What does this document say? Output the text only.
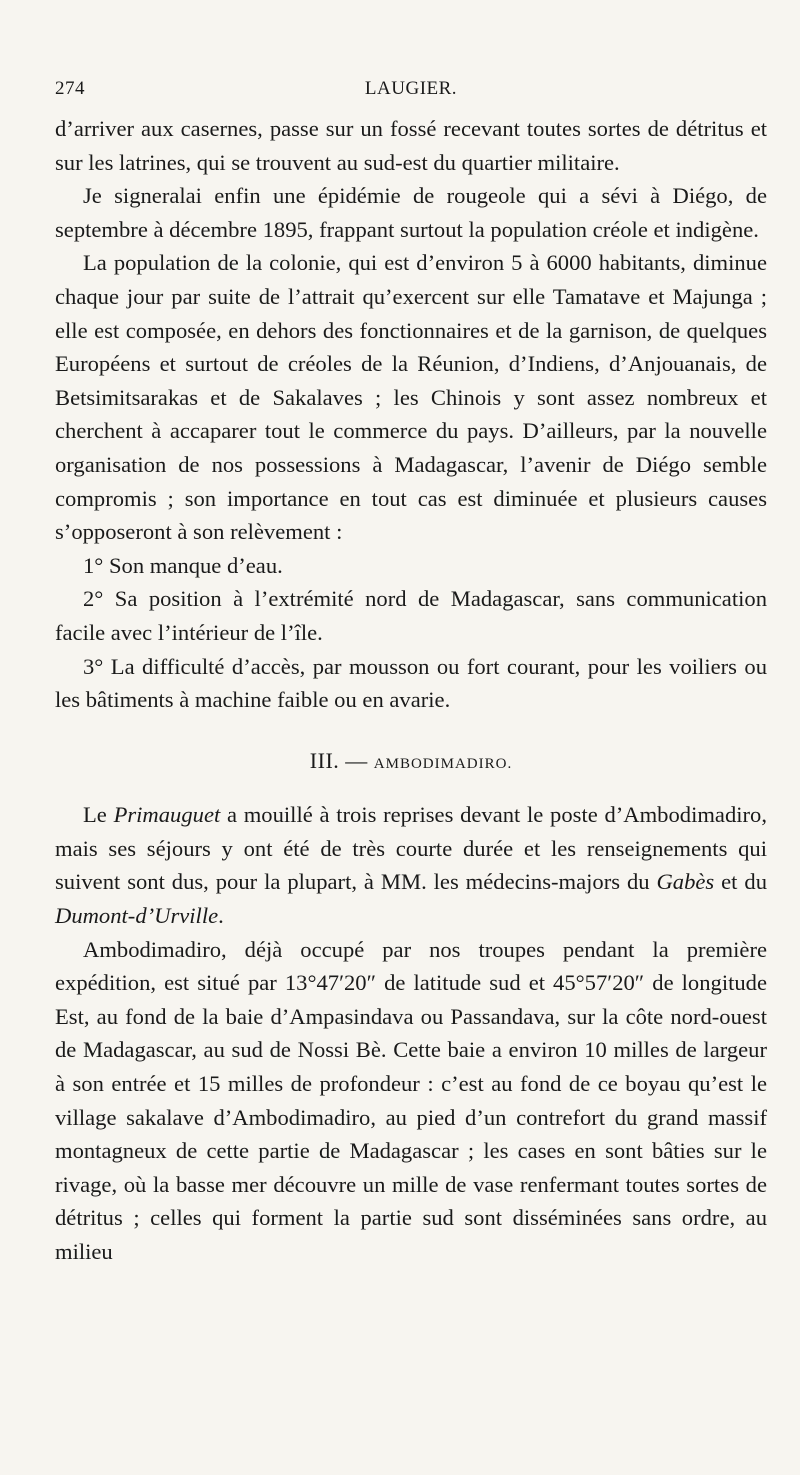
274	LAUGIER.

d’arriver aux casernes, passe sur un fossé recevant toutes sortes de détritus et sur les latrines, qui se trouvent au sud-est du quartier militaire.

Je signeralai enfin une épidémie de rougeole qui a sévi à Diégo, de septembre à décembre 1895, frappant surtout la population créole et indigène.

La population de la colonie, qui est d’environ 5 à 6000 habitants, diminue chaque jour par suite de l’attrait qu’exercent sur elle Tamatave et Majunga ; elle est composée, en dehors des fonctionnaires et de la garnison, de quelques Européens et surtout de créoles de la Réunion, d’Indiens, d’Anjouanais, de Betsimitsarakas et de Sakalaves ; les Chinois y sont assez nombreux et cherchent à accaparer tout le commerce du pays. D’ailleurs, par la nouvelle organisation de nos possessions à Madagascar, l’avenir de Diégo semble compromis ; son importance en tout cas est diminuée et plusieurs causes s’opposeront à son relèvement :

1° Son manque d’eau.

2° Sa position à l’extrémité nord de Madagascar, sans communication facile avec l’intérieur de l’île.

3° La difficulté d’accès, par mousson ou fort courant, pour les voiliers ou les bâtiments à machine faible ou en avarie.

III. — AMBODIMADIRO.

Le Primauguet a mouillé à trois reprises devant le poste d’Ambodimadiro, mais ses séjours y ont été de très courte durée et les renseignements qui suivent sont dus, pour la plupart, à MM. les médecins-majors du Gabès et du Dumont-d’Urville.

Ambodimadiro, déjà occupé par nos troupes pendant la première expédition, est situé par 13°47′20″ de latitude sud et 45°57′20″ de longitude Est, au fond de la baie d’Ampasindava ou Passandava, sur la côte nord-ouest de Madagascar, au sud de Nossi Bè. Cette baie a environ 10 milles de largeur à son entrée et 15 milles de profondeur : c’est au fond de ce boyau qu’est le village sakalave d’Ambodimadiro, au pied d’un contrefort du grand massif montagneux de cette partie de Madagascar ; les cases en sont bâties sur le rivage, où la basse mer découvre un mille de vase renfermant toutes sortes de détritus ; celles qui forment la partie sud sont disséminées sans ordre, au milieu
